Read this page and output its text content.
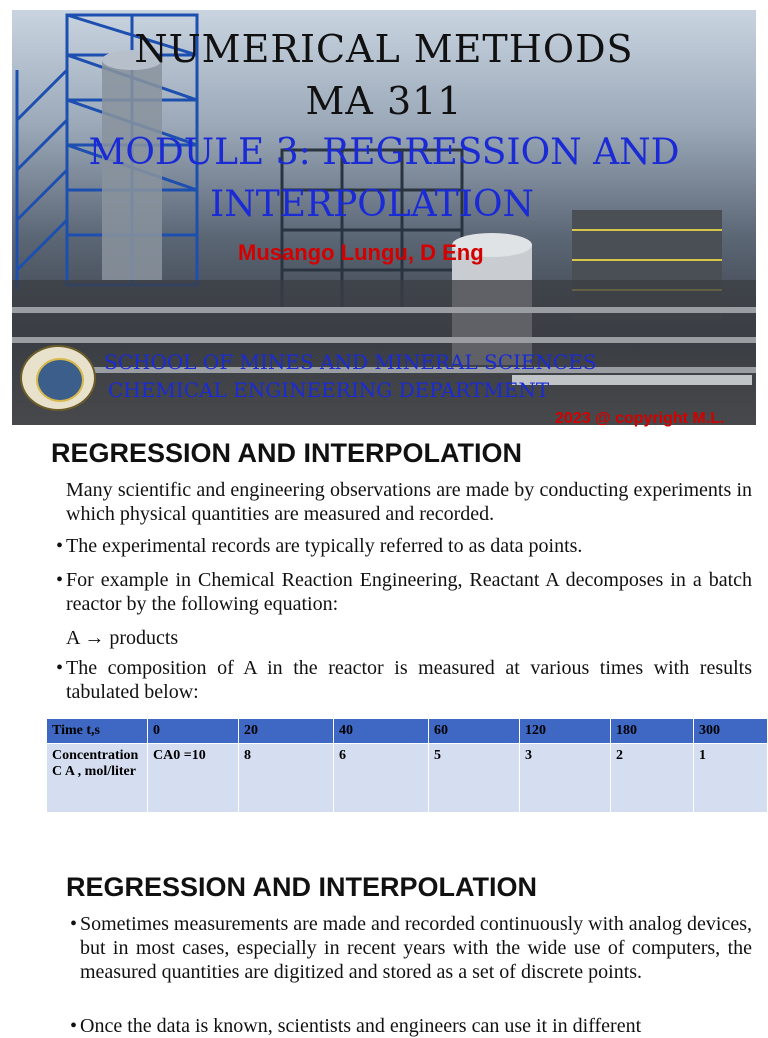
NUMERICAL METHODS
MA 311
MODULE 3: REGRESSION AND
INTERPOLATION
Musango Lungu, D Eng
SCHOOL OF MINES AND MINERAL SCIENCES
CHEMICAL ENGINEERING DEPARTMENT
2023 @ copyright M.L.
REGRESSION AND INTERPOLATION
Many scientific and engineering observations are made by conducting experiments in which physical quantities are measured and recorded.
• The experimental records are typically referred to as data points.
• For example in Chemical Reaction Engineering, Reactant A decomposes in a batch reactor by the following equation:
A → products
• The composition of A in the reactor is measured at various times with results tabulated below:
Time t,s	0	20	40	60	120	180	300
Concentration C A , mol/liter	CA0 =10	8	6	5	3	2	1
REGRESSION AND INTERPOLATION
• Sometimes measurements are made and recorded continuously with analog devices, but in most cases, especially in recent years with the wide use of computers, the measured quantities are digitized and stored as a set of discrete points.
• Once the data is known, scientists and engineers can use it in different
